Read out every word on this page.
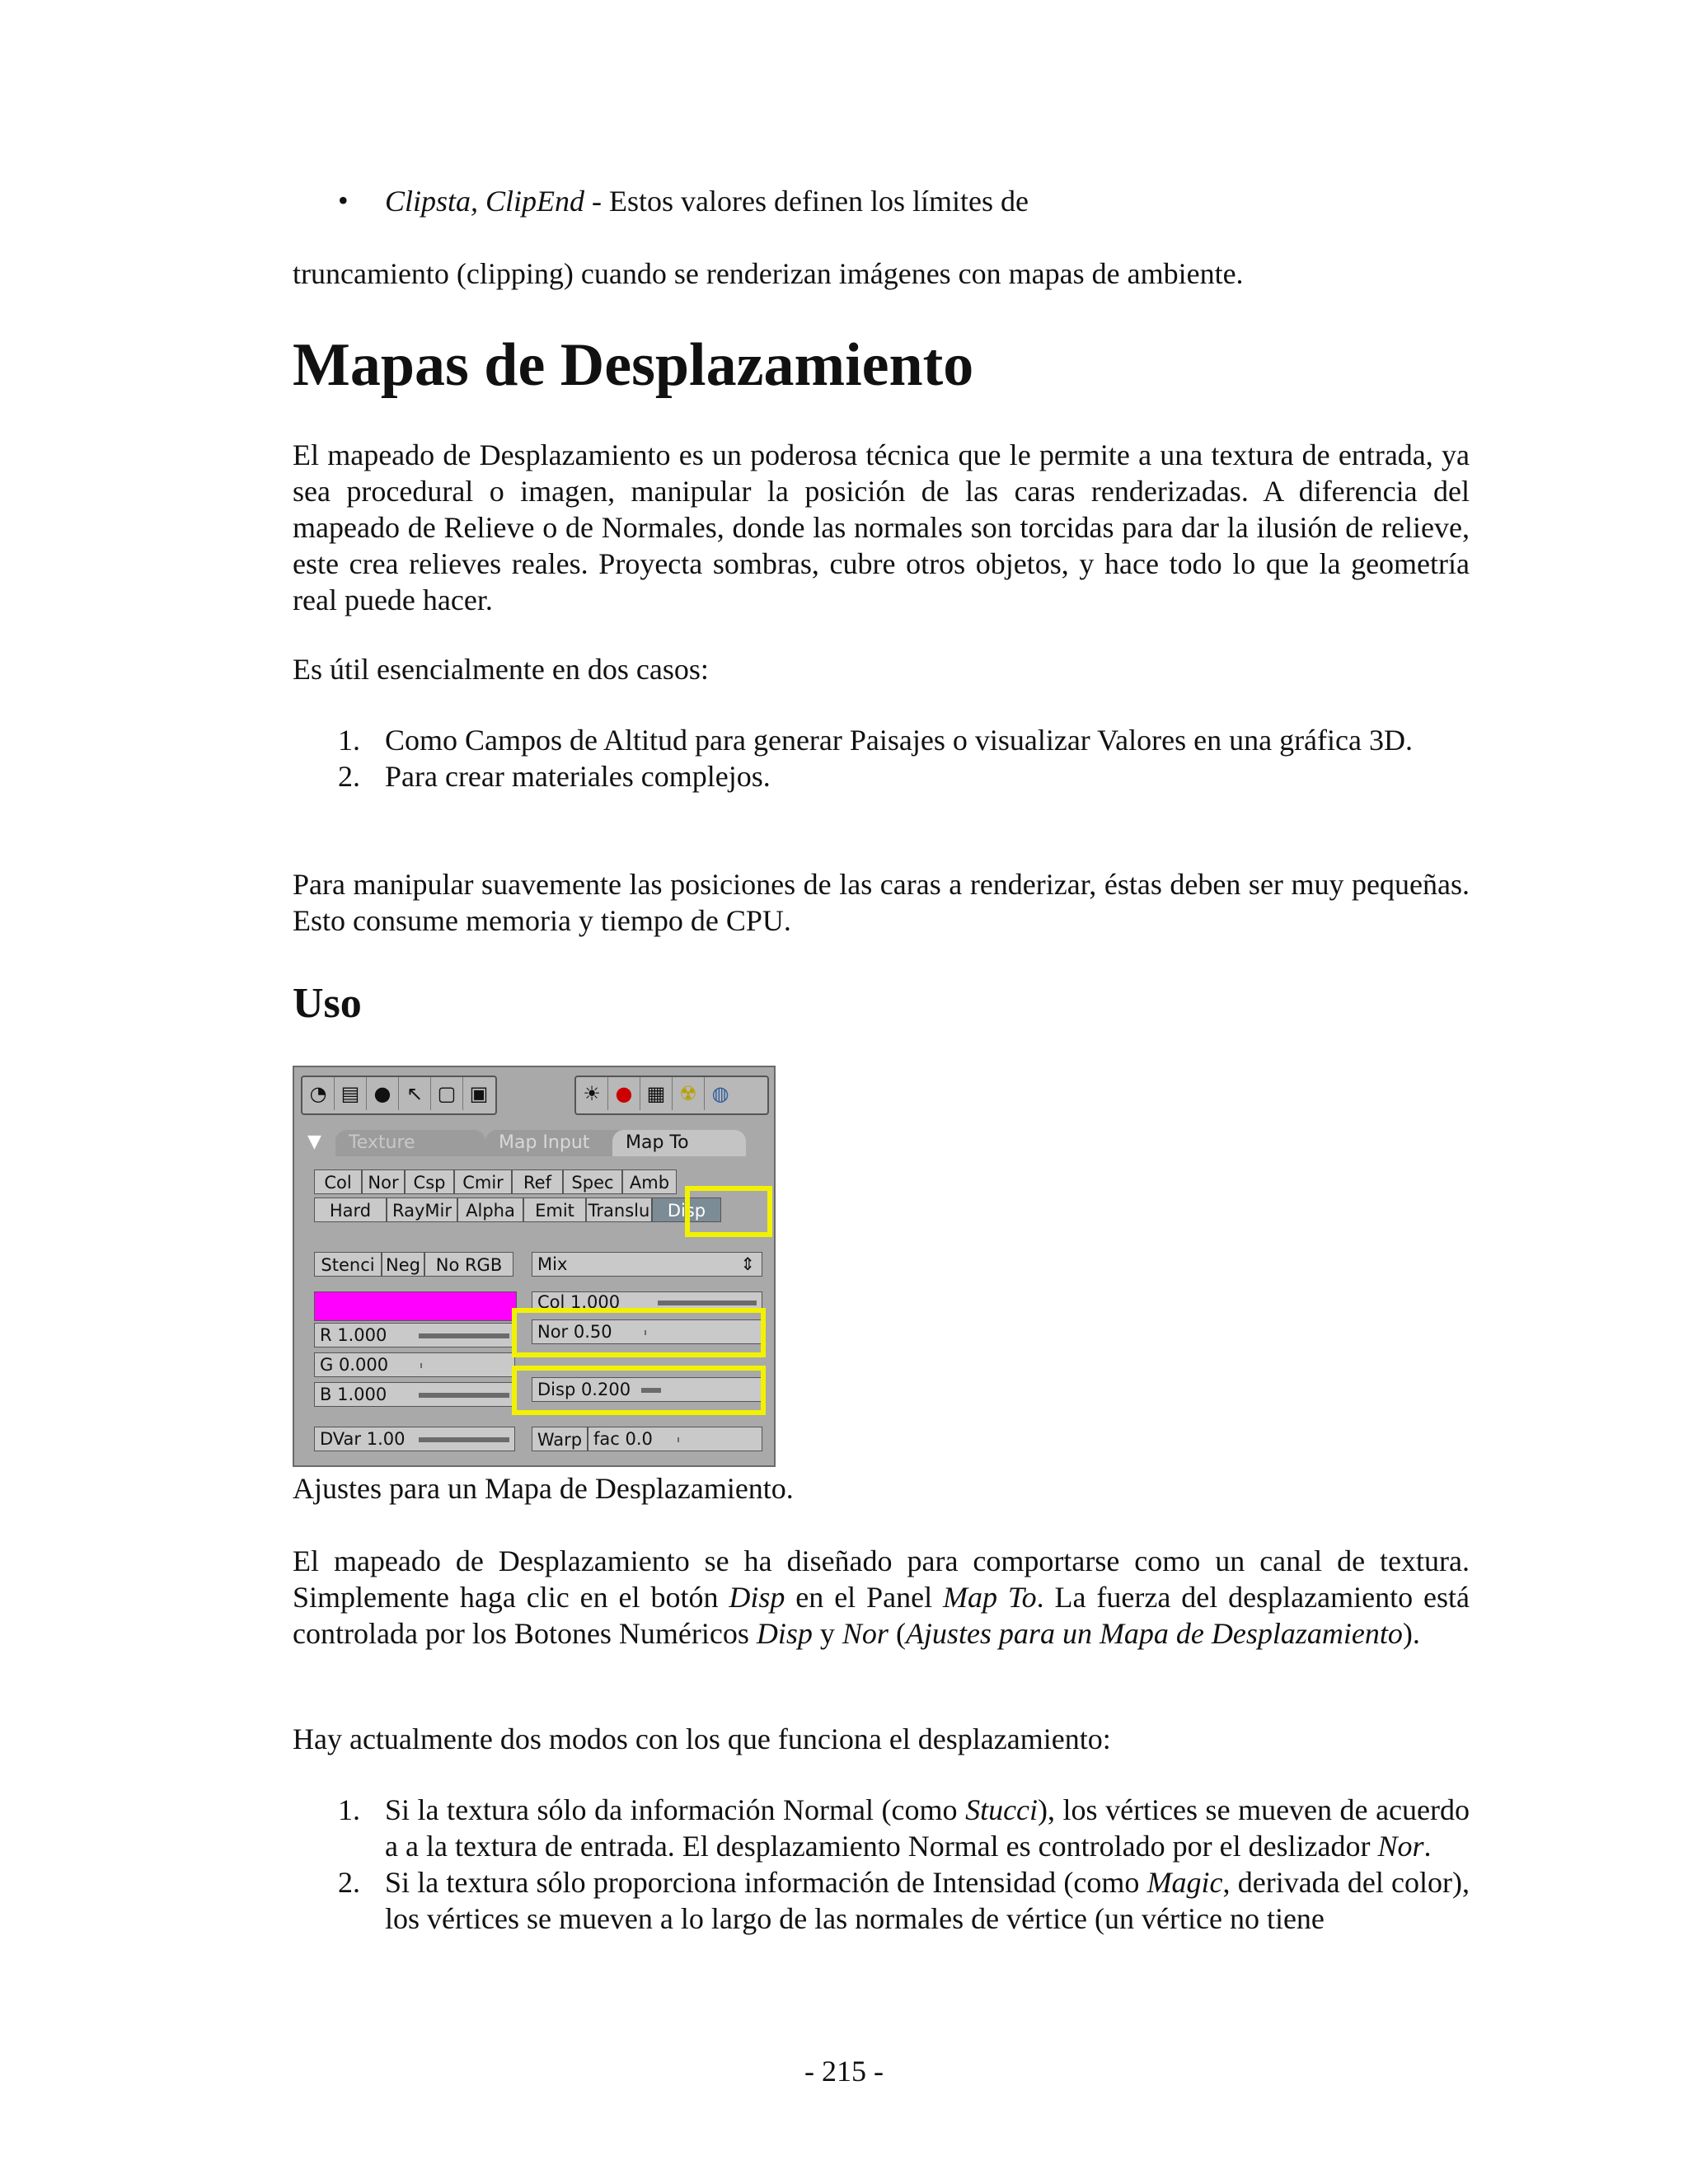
• Clipsta, ClipEnd - Estos valores definen los límites de

truncamiento (clipping) cuando se renderizan imágenes con mapas de ambiente.

Mapas de Desplazamiento

El mapeado de Desplazamiento es un poderosa técnica que le permite a una textura de entrada, ya sea procedural o imagen, manipular la posición de las caras renderizadas. A diferencia del mapeado de Relieve o de Normales, donde las normales son torcidas para dar la ilusión de relieve, este crea relieves reales. Proyecta sombras, cubre otros objetos, y hace todo lo que la geometría real puede hacer.

Es útil esencialmente en dos casos:

1. Como Campos de Altitud para generar Paisajes o visualizar Valores en una gráfica 3D.
2. Para crear materiales complejos.

Para manipular suavemente las posiciones de las caras a renderizar, éstas deben ser muy pequeñas. Esto consume memoria y tiempo de CPU.

Uso
◔ ▤ ● ↖ ▢ ▣	☀ ● ▦ ☢ ◍
▼	Texture	Map Input	Map To
Col Nor Csp Cmir	Ref	Spec Amb
Hard	RayMir Alpha	Emit Translu	Disp
Stenci Neg No RGB	Mix	⇕
R 1.000
G 0.000
B 1.000
DVar 1.00
Col 1.000
Nor 0.50
Disp 0.200
Warp fac 0.0

Ajustes para un Mapa de Desplazamiento.

El mapeado de Desplazamiento se ha diseñado para comportarse como un canal de textura. Simplemente haga clic en el botón Disp en el Panel Map To. La fuerza del desplazamiento está controlada por los Botones Numéricos Disp y Nor (Ajustes para un Mapa de Desplazamiento).

Hay actualmente dos modos con los que funciona el desplazamiento:

1. Si la textura sólo da información Normal (como Stucci), los vértices se mueven de acuerdo a a la textura de entrada. El desplazamiento Normal es controlado por el deslizador Nor.
2. Si la textura sólo proporciona información de Intensidad (como Magic, derivada del color), los vértices se mueven a lo largo de las normales de vértice (un vértice no tiene
- 215 -
